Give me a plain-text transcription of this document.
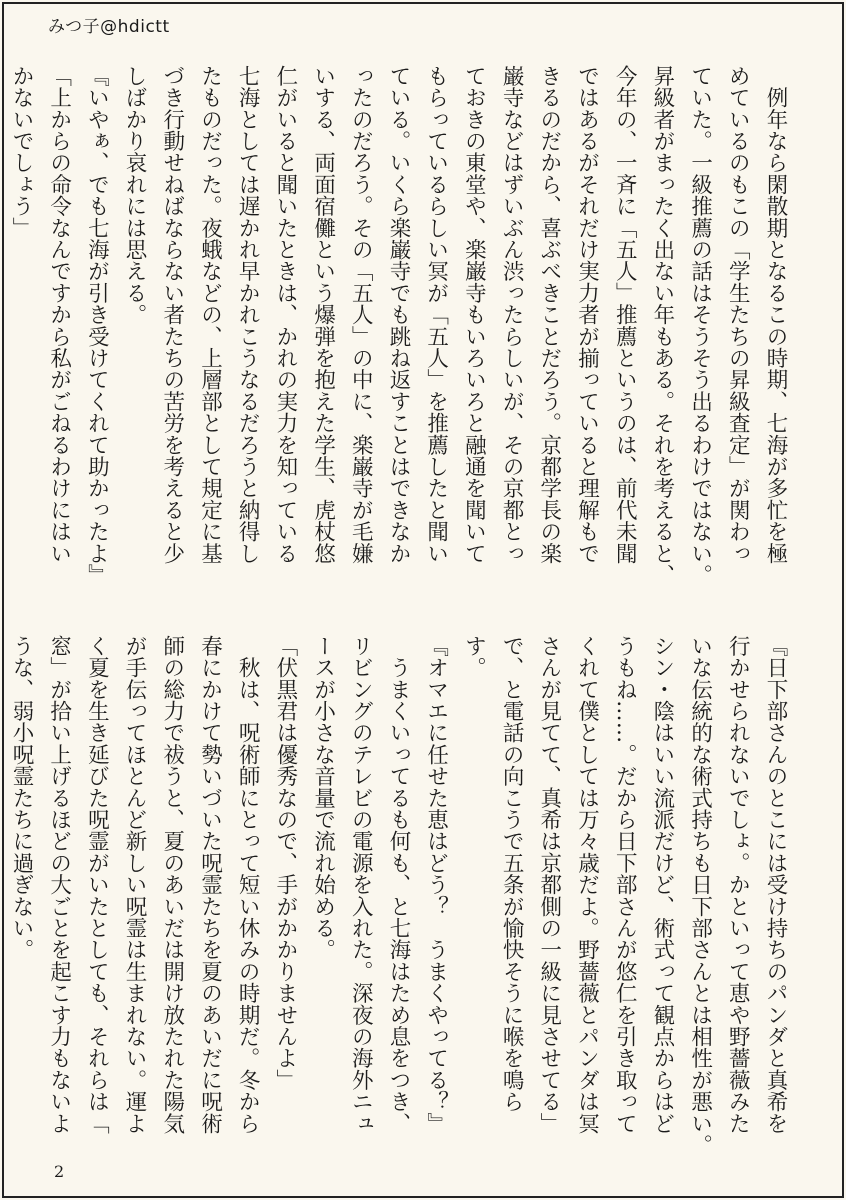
みつ子@hdictt
　例年なら閑散期となるこの時期、七海が多忙を極
めているのもこの「学生たちの昇級査定」が関わっ
ていた。一級推薦の話はそうそう出るわけではない。
昇級者がまったく出ない年もある。それを考えると、
今年の、一斉に「五人」推薦というのは、前代未聞
ではあるがそれだけ実力者が揃っていると理解もで
きるのだから、喜ぶべきことだろう。京都学長の楽
巌寺などはずいぶん渋ったらしいが、その京都とっ
ておきの東堂や、楽巌寺もいろいろと融通を聞いて
もらっているらしい冥が「五人」を推薦したと聞い
ている。いくら楽巌寺でも跳ね返すことはできなか
ったのだろう。その「五人」の中に、楽巌寺が毛嫌
いする、両面宿儺という爆弾を抱えた学生、虎杖悠
仁がいると聞いたときは、かれの実力を知っている
七海としては遅かれ早かれこうなるだろうと納得し
たものだった。夜蛾などの、上層部として規定に基
づき行動せねばならない者たちの苦労を考えると少
しばかり哀れには思える。
『いやぁ、でも七海が引き受けてくれて助かったよ』
「上からの命令なんですから私がごねるわけにはい
かないでしょう」
『日下部さんのとこには受け持ちのパンダと真希を
行かせられないでしょ。かといって恵や野薔薇みた
いな伝統的な術式持ちも日下部さんとは相性が悪い。
シン・陰はいい流派だけど、術式って観点からはど
うもね……。だから日下部さんが悠仁を引き取って
くれて僕としては万々歳だよ。野薔薇とパンダは冥
さんが見てて、真希は京都側の一級に見させてる」
で、と電話の向こうで五条が愉快そうに喉を鳴ら
す。
『オマエに任せた恵はどう？　うまくやってる？』
　うまくいってるも何も、と七海はため息をつき、
リビングのテレビの電源を入れた。深夜の海外ニュ
ースが小さな音量で流れ始める。
「伏黒君は優秀なので、手がかかりませんよ」
　秋は、呪術師にとって短い休みの時期だ。冬から
春にかけて勢いづいた呪霊たちを夏のあいだに呪術
師の総力で祓うと、夏のあいだは開け放たれた陽気
が手伝ってほとんど新しい呪霊は生まれない。運よ
く夏を生き延びた呪霊がいたとしても、それらは「
窓」が拾い上げるほどの大ごとを起こす力もないよ
うな、弱小呪霊たちに過ぎない。
2
